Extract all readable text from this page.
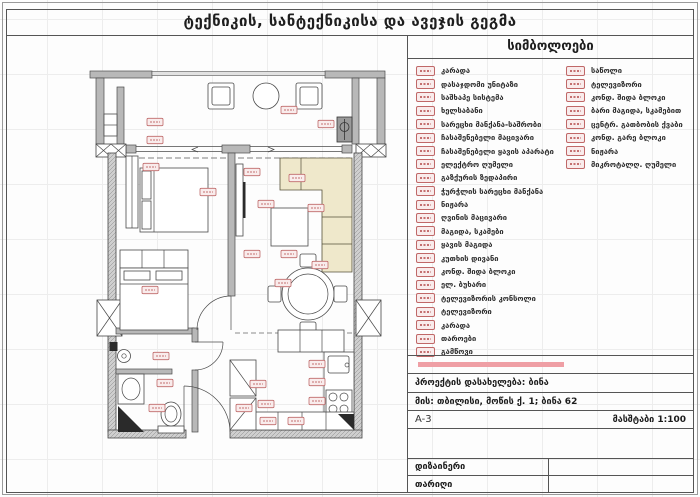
ტექნიკის, სანტექნიკისა და ავეჯის გეგმა
სიმბოლოები
კარადა
დასაჯდომი უნიტაზი
საშხაპე სისტემა
ხელსაბანი
სარეცხი მანქანა-საშრობი
ჩასაშენებელი მაცივარი
ჩასაშენებელი ყავის აპარატი
ელექტრო ღუმელი
გაზქურის ზედაპირი
ჭურჭლის სარეცხი მანქანა
ნიჟარა
ღვინის მაცივარი
მაგიდა, სკამები
ყავის მაგიდა
კუთხის დივანი
კონდ. შიდა ბლოკი
ელ. ბუხარი
ტელევიზორის კონსოლი
ტელევიზორი
კარადა
თაროები
გამწოვი
საწოლი
ტელევიზორი
კონდ. შიდა ბლოკი
ბარი მაგიდა, სკამებით
ცენტრ. გათბობის ქვაბი
კონდ. გარე ბლოკი
ნიჟარა
მიკროტალღ. ღუმელი
პროექტის დასახელება: ბინა
მის: თბილისი, მოწის ქ. 1; ბინა 62
A-3	მასშტაბი 1:100
დიზაინერი
თარიღი
